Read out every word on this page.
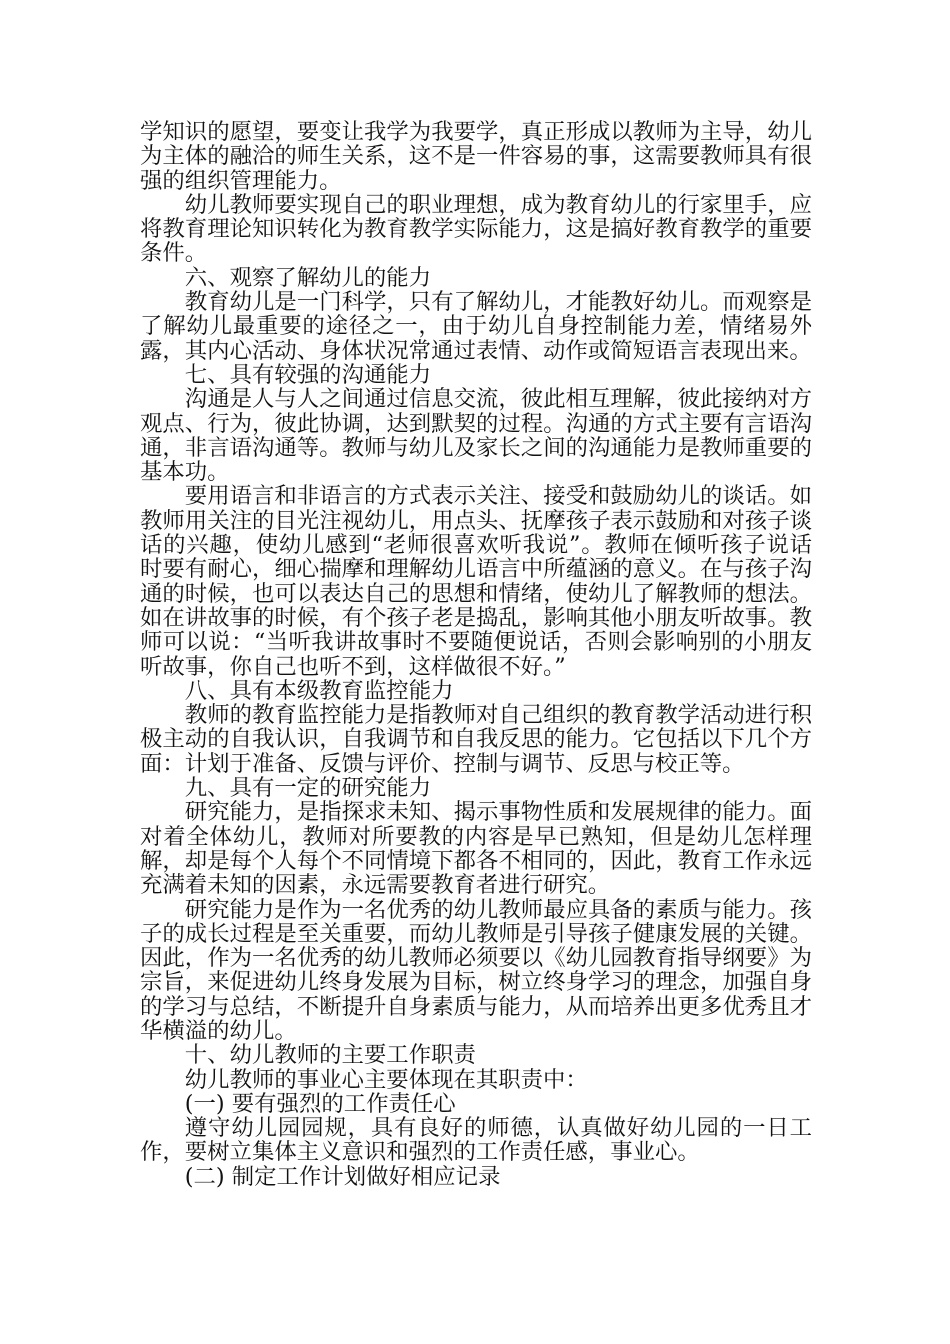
学知识的愿望，要变让我学为我要学，真正形成以教师为主导，幼儿为主体的融洽的师生关系，这不是一件容易的事，这需要教师具有很强的组织管理能力。

幼儿教师要实现自己的职业理想，成为教育幼儿的行家里手，应将教育理论知识转化为教育教学实际能力，这是搞好教育教学的重要条件。

六、观察了解幼儿的能力

教育幼儿是一门科学，只有了解幼儿，才能教好幼儿。而观察是了解幼儿最重要的途径之一，由于幼儿自身控制能力差，情绪易外露，其内心活动、身体状况常通过表情、动作或简短语言表现出来。

七、具有较强的沟通能力

沟通是人与人之间通过信息交流，彼此相互理解，彼此接纳对方观点、行为，彼此协调，达到默契的过程。沟通的方式主要有言语沟通，非言语沟通等。教师与幼儿及家长之间的沟通能力是教师重要的基本功。

要用语言和非语言的方式表示关注、接受和鼓励幼儿的谈话。如教师用关注的目光注视幼儿，用点头、抚摩孩子表示鼓励和对孩子谈话的兴趣，使幼儿感到“老师很喜欢听我说”。教师在倾听孩子说话时要有耐心，细心揣摩和理解幼儿语言中所蕴涵的意义。在与孩子沟通的时候，也可以表达自己的思想和情绪，使幼儿了解教师的想法。如在讲故事的时候，有个孩子老是捣乱，影响其他小朋友听故事。教师可以说：“当听我讲故事时不要随便说话，否则会影响别的小朋友听故事，你自己也听不到，这样做很不好。”

八、具有本级教育监控能力

教师的教育监控能力是指教师对自己组织的教育教学活动进行积极主动的自我认识，自我调节和自我反思的能力。它包括以下几个方面：计划于准备、反馈与评价、控制与调节、反思与校正等。

九、具有一定的研究能力

研究能力，是指探求未知、揭示事物性质和发展规律的能力。面对着全体幼儿，教师对所要教的内容是早已熟知，但是幼儿怎样理解，却是每个人每个不同情境下都各不相同的，因此，教育工作永远充满着未知的因素，永远需要教育者进行研究。

研究能力是作为一名优秀的幼儿教师最应具备的素质与能力。孩子的成长过程是至关重要，而幼儿教师是引导孩子健康发展的关键。因此，作为一名优秀的幼儿教师必须要以《幼儿园教育指导纲要》为宗旨，来促进幼儿终身发展为目标，树立终身学习的理念，加强自身的学习与总结，不断提升自身素质与能力，从而培养出更多优秀且才华横溢的幼儿。

十、幼儿教师的主要工作职责

幼儿教师的事业心主要体现在其职责中：

(一) 要有强烈的工作责任心

遵守幼儿园园规，具有良好的师德，认真做好幼儿园的一日工作，要树立集体主义意识和强烈的工作责任感，事业心。

(二) 制定工作计划做好相应记录
